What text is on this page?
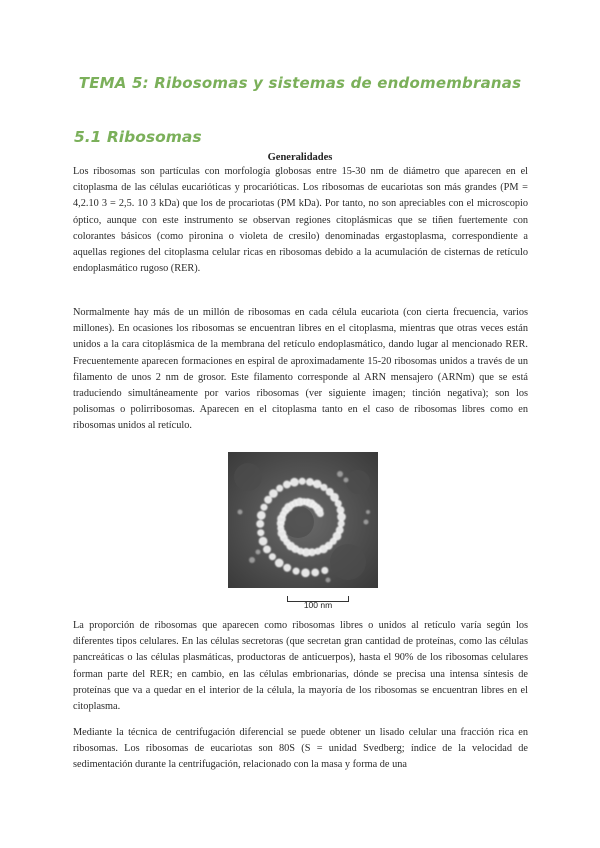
TEMA 5: Ribosomas y sistemas de endomembranas
5.1 Ribosomas
Generalidades

Los ribosomas son partículas con morfología globosas entre 15-30 nm de diámetro que aparecen en el citoplasma de las células eucarióticas y procarióticas. Los ribosomas de eucariotas son más grandes (PM = 4,2.10 3 = 2,5. 10 3 kDa) que los de procariotas (PM kDa). Por tanto, no son apreciables con el microscopio óptico, aunque con este instrumento se observan regiones citoplásmicas que se tiñen fuertemente con colorantes básicos (como pironina o violeta de cresilo) denominadas ergastoplasma, correspondiente a aquellas regiones del citoplasma celular ricas en ribosomas debido a la acumulación de cisternas de retículo endoplasmático rugoso (RER).

Normalmente hay más de un millón de ribosomas en cada célula eucariota (con cierta frecuencia, varios millones). En ocasiones los ribosomas se encuentran libres en el citoplasma, mientras que otras veces están unidos a la cara citoplásmica de la membrana del retículo endoplasmático, dando lugar al mencionado RER. Frecuentemente aparecen formaciones en espiral de aproximadamente 15-20 ribosomas unidos a través de un filamento de unos 2 nm de grosor. Este filamento corresponde al ARN mensajero (ARNm) que se está traduciendo simultáneamente por varios ribosomas (ver siguiente imagen; tinción negativa); son los polisomas o polirribosomas. Aparecen en el citoplasma tanto en el caso de ribosomas libres como en ribosomas unidos al retículo.

100 nm

La proporción de ribosomas que aparecen como ribosomas libres o unidos al retículo varía según los diferentes tipos celulares. En las células secretoras (que secretan gran cantidad de proteínas, como las células pancreáticas o las células plasmáticas, productoras de anticuerpos), hasta el 90% de los ribosomas celulares forman parte del RER; en cambio, en las células embrionarias, dónde se precisa una intensa síntesis de proteínas que va a quedar en el interior de la célula, la mayoría de los ribosomas se encuentran libres en el citoplasma.

Mediante la técnica de centrifugación diferencial se puede obtener un lisado celular una fracción rica en ribosomas. Los ribosomas de eucariotas son 80S (S = unidad Svedberg; índice de la velocidad de sedimentación durante la centrifugación, relacionado con la masa y forma de una
